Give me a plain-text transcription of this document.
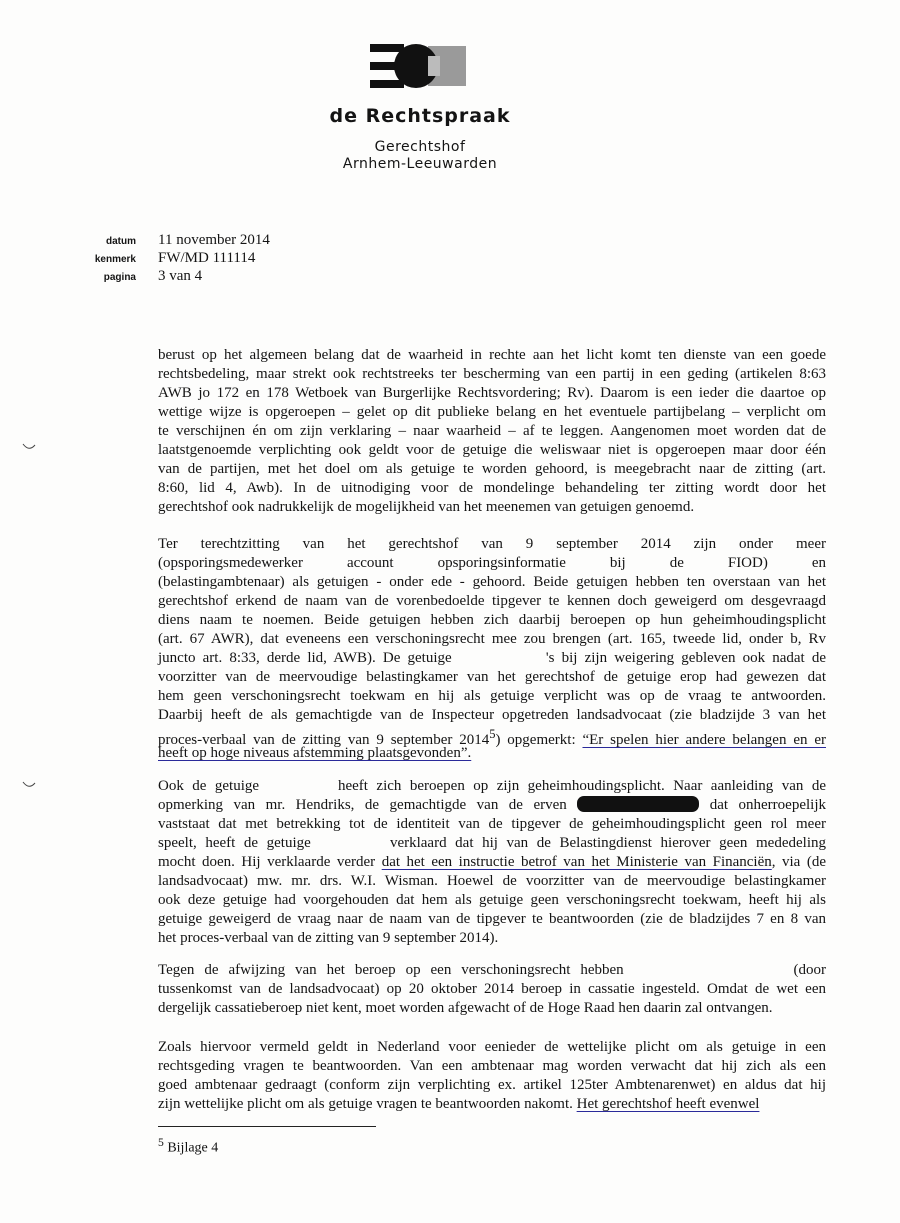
de Rechtspraak
Gerechtshof
Arnhem-Leeuwarden
datum 11 november 2014
kenmerk FW/MD 111114
pagina 3 van 4
berust op het algemeen belang dat de waarheid in rechte aan het licht komt ten dienste van een goede
rechtsbedeling, maar strekt ook rechtstreeks ter bescherming van een partij in een geding (artikelen 8:63
AWB jo 172 en 178 Wetboek van Burgerlijke Rechtsvordering; Rv). Daarom is een ieder die daartoe op
wettige wijze is opgeroepen – gelet op dit publieke belang en het eventuele partijbelang – verplicht om
te verschijnen én om zijn verklaring – naar waarheid – af te leggen. Aangenomen moet worden dat de
laatstgenoemde verplichting ook geldt voor de getuige die weliswaar niet is opgeroepen maar door één
van de partijen, met het doel om als getuige te worden gehoord, is meegebracht naar de zitting (art.
8:60, lid 4, Awb). In de uitnodiging voor de mondelinge behandeling ter zitting wordt door het
gerechtshof ook nadrukkelijk de mogelijkheid van het meenemen van getuigen genoemd.
Ter terechtzitting van het gerechtshof van 9 september 2014 zijn onder meer
(opsporingsmedewerker account opsporingsinformatie bij de FIOD) en
(belastingambtenaar) als getuigen - onder ede - gehoord. Beide getuigen hebben ten overstaan van het
gerechtshof erkend de naam van de vorenbedoelde tipgever te kennen doch geweigerd om desgevraagd
diens naam te noemen. Beide getuigen hebben zich daarbij beroepen op hun geheimhoudingsplicht
(art. 67 AWR), dat eveneens een verschoningsrecht mee zou brengen (art. 165, tweede lid, onder b, Rv
juncto art. 8:33, derde lid, AWB). De getuige	's bij zijn weigering gebleven ook nadat de
voorzitter van de meervoudige belastingkamer van het gerechtshof de getuige erop had gewezen dat
hem geen verschoningsrecht toekwam en hij als getuige verplicht was op de vraag te antwoorden.
Daarbij heeft de als gemachtigde van de Inspecteur opgetreden landsadvocaat (zie bladzijde 3 van het
proces-verbaal van de zitting van 9 september 2014$^5$) opgemerkt: “Er spelen hier andere belangen en er
heeft op hoge niveaus afstemming plaatsgevonden”.
Ook de getuige	heeft zich beroepen op zijn geheimhoudingsplicht. Naar aanleiding van de
opmerking van mr. Hendriks, de gemachtigde van de erven	dat onherroepelijk
vaststaat dat met betrekking tot de identiteit van de tipgever de geheimhoudingsplicht geen rol meer
speelt, heeft de getuige	verklaard dat hij van de Belastingdienst hierover geen mededeling
mocht doen. Hij verklaarde verder dat het een instructie betrof van het Ministerie van Financiën, via (de
landsadvocaat) mw. mr. drs. W.I. Wisman. Hoewel de voorzitter van de meervoudige belastingkamer
ook deze getuige had voorgehouden dat hem als getuige geen verschoningsrecht toekwam, heeft hij als
getuige geweigerd de vraag naar de naam van de tipgever te beantwoorden (zie de bladzijdes 7 en 8 van
het proces-verbaal van de zitting van 9 september 2014).
Tegen de afwijzing van het beroep op een verschoningsrecht hebben	(door
tussenkomst van de landsadvocaat) op 20 oktober 2014 beroep in cassatie ingesteld. Omdat de wet een
dergelijk cassatieberoep niet kent, moet worden afgewacht of de Hoge Raad hen daarin zal ontvangen.
Zoals hiervoor vermeld geldt in Nederland voor eenieder de wettelijke plicht om als getuige in een
rechtsgeding vragen te beantwoorden. Van een ambtenaar mag worden verwacht dat hij zich als een
goed ambtenaar gedraagt (conform zijn verplichting ex. artikel 125ter Ambtenarenwet) en aldus dat hij
zijn wettelijke plicht om als getuige vragen te beantwoorden nakomt. Het gerechtshof heeft evenwel
$^5$ Bijlage 4
